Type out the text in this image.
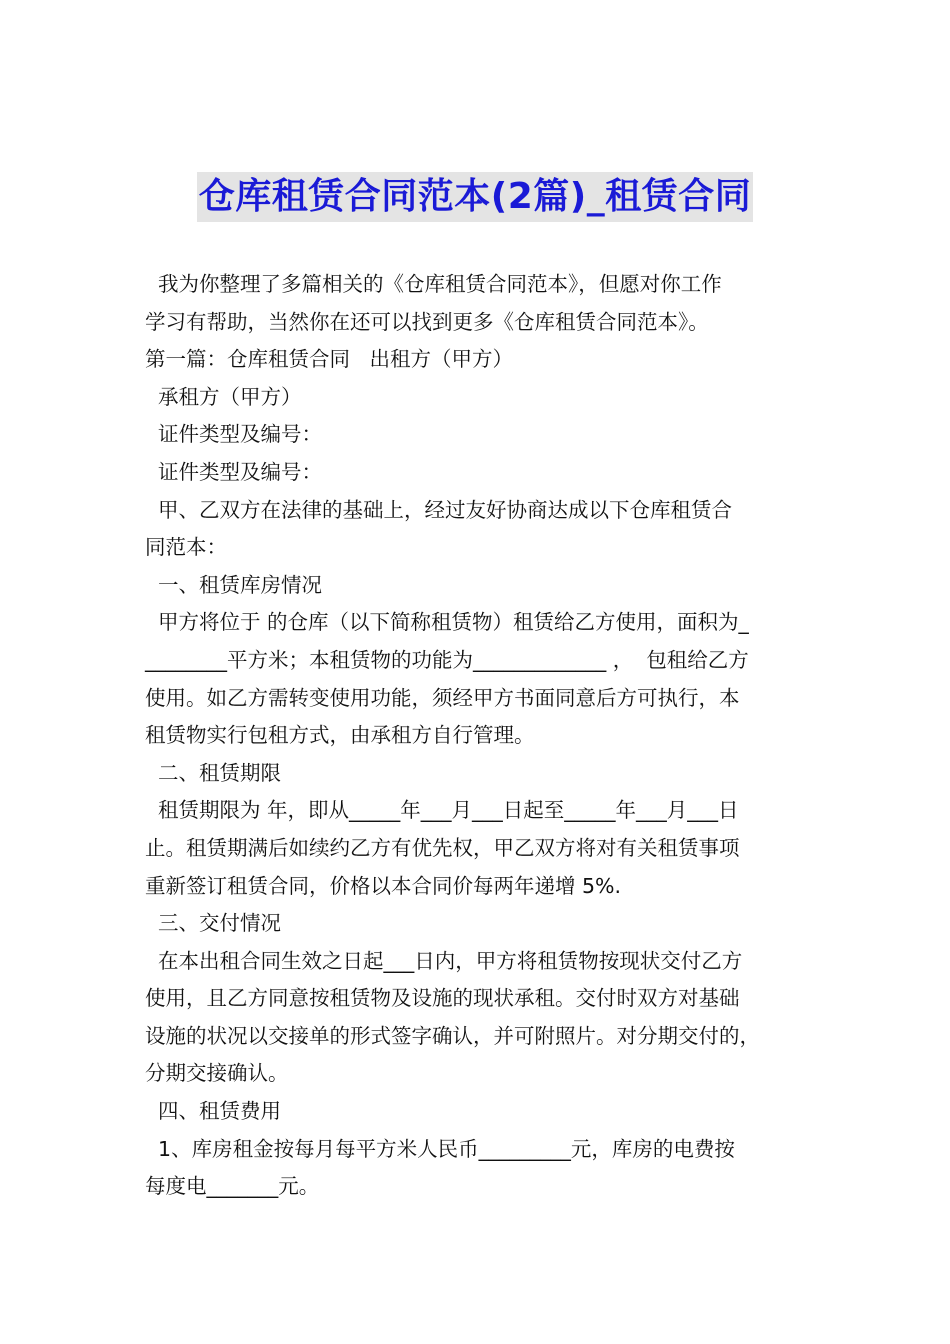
仓库租赁合同范本(2篇)_租赁合同
我为你整理了多篇相关的《仓库租赁合同范本》，但愿对你工作
学习有帮助，当然你在还可以找到更多《仓库租赁合同范本》。
第一篇：仓库租赁合同   出租方（甲方）
承租方（甲方）
证件类型及编号：
证件类型及编号：
甲、乙双方在法律的基础上，经过友好协商达成以下仓库租赁合
同范本：
一、租赁库房情况
甲方将位于 的仓库（以下简称租赁物）租赁给乙方使用，面积为_
________平方米；本租赁物的功能为_____________ ，  包租给乙方
使用。如乙方需转变使用功能，须经甲方书面同意后方可执行，本
租赁物实行包租方式，由承租方自行管理。
二、租赁期限
租赁期限为 年，即从_____年___月___日起至_____年___月___日
止。租赁期满后如续约乙方有优先权，甲乙双方将对有关租赁事项
重新签订租赁合同，价格以本合同价每两年递增 5%.
三、交付情况
在本出租合同生效之日起___日内，甲方将租赁物按现状交付乙方
使用，且乙方同意按租赁物及设施的现状承租。交付时双方对基础
设施的状况以交接单的形式签字确认，并可附照片。对分期交付的，
分期交接确认。
四、租赁费用
1、库房租金按每月每平方米人民币_________元，库房的电费按
每度电_______元。
